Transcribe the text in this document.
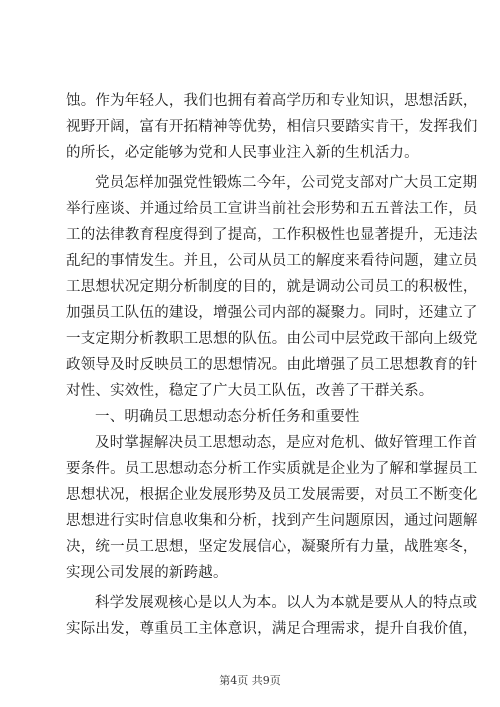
蚀。作为年轻人，我们也拥有着高学历和专业知识，思想活跃，
视野开阔，富有开拓精神等优势，相信只要踏实肯干，发挥我们
的所长，必定能够为党和人民事业注入新的生机活力。
党员怎样加强党性锻炼二今年，公司党支部对广大员工定期
举行座谈、并通过给员工宣讲当前社会形势和五五普法工作，员
工的法律教育程度得到了提高，工作积极性也显著提升，无违法
乱纪的事情发生。并且，公司从员工的解度来看待问题，建立员
工思想状况定期分析制度的目的，就是调动公司员工的积极性，
加强员工队伍的建设，增强公司内部的凝聚力。同时，还建立了
一支定期分析教职工思想的队伍。由公司中层党政干部向上级党
政领导及时反映员工的思想情况。由此增强了员工思想教育的针
对性、实效性，稳定了广大员工队伍，改善了干群关系。
一、明确员工思想动态分析任务和重要性
及时掌握解决员工思想动态，是应对危机、做好管理工作首
要条件。员工思想动态分析工作实质就是企业为了解和掌握员工
思想状况，根据企业发展形势及员工发展需要，对员工不断变化
思想进行实时信息收集和分析，找到产生问题原因，通过问题解
决，统一员工思想，坚定发展信心，凝聚所有力量，战胜寒冬，
实现公司发展的新跨越。
科学发展观核心是以人为本。以人为本就是要从人的特点或
实际出发，尊重员工主体意识，满足合理需求，提升自我价值，
第4页 共9页
